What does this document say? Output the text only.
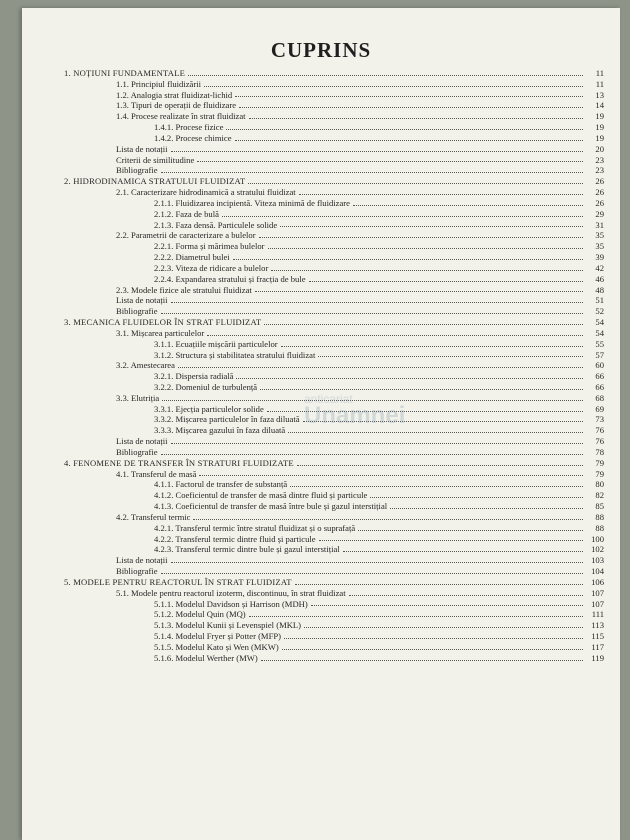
CUPRINS
1. NOȚIUNI FUNDAMENTALE	11
1.1. Principiul fluidizării	11
1.2. Analogia strat fluidizat-lichid	13
1.3. Tipuri de operații de fluidizare	14
1.4. Procese realizate în strat fluidizat	19
1.4.1. Procese fizice	19
1.4.2. Procese chimice	19
Lista de notații	20
Criterii de similitudine	23
Bibliografie	23
2. HIDRODINAMICA STRATULUI FLUIDIZAT	26
2.1. Caracterizare hidrodinamică a stratului fluidizat	26
2.1.1. Fluidizarea incipientă. Viteza minimă de fluidizare	26
2.1.2. Faza de bulă	29
2.1.3. Faza densă. Particulele solide	31
2.2. Parametrii de caracterizare a bulelor	35
2.2.1. Forma și mărimea bulelor	35
2.2.2. Diametrul bulei	39
2.2.3. Viteza de ridicare a bulelor	42
2.2.4. Expandarea stratului și fracția de bule	46
2.3. Modele fizice ale stratului fluidizat	48
Lista de notații	51
Bibliografie	52
3. MECANICA FLUIDELOR ÎN STRAT FLUIDIZAT	54
3.1. Mișcarea particulelor	54
3.1.1. Ecuațiile mișcării particulelor	55
3.1.2. Structura și stabilitatea stratului fluidizat	57
3.2. Amestecarea	60
3.2.1. Dispersia radială	66
3.2.2. Domeniul de turbulență	66
3.3. Elutriția	68
3.3.1. Ejecția particulelor solide	69
3.3.2. Mișcarea particulelor în faza diluată	73
3.3.3. Mișcarea gazului în faza diluată	76
Lista de notații	76
Bibliografie	78
4. FENOMENE DE TRANSFER ÎN STRATURI FLUIDIZATE	79
4.1. Transferul de masă	79
4.1.1. Factorul de transfer de substanță	80
4.1.2. Coeficientul de transfer de masă dintre fluid și particule	82
4.1.3. Coeficientul de transfer de masă între bule și gazul interstițial	85
4.2. Transferul termic	88
4.2.1. Transferul termic între stratul fluidizat și o suprafață	88
4.2.2. Transferul termic dintre fluid și particule	100
4.2.3. Transferul termic dintre bule și gazul interstițial	102
Lista de notații	103
Bibliografie	104
5. MODELE PENTRU REACTORUL ÎN STRAT FLUIDIZAT	106
5.1. Modele pentru reactorul izoterm, discontinuu, în strat fluidizat	107
5.1.1. Modelul Davidson și Harrison (MDH)	107
5.1.2. Modelul Quin (MQ)	111
5.1.3. Modelul Kunii și Levenspiel (MKL)	113
5.1.4. Modelul Fryer și Potter (MFP)	115
5.1.5. Modelul Kato și Wen (MKW)	117
5.1.6. Modelul Werther (MW)	119
anticariat
Unamnei
